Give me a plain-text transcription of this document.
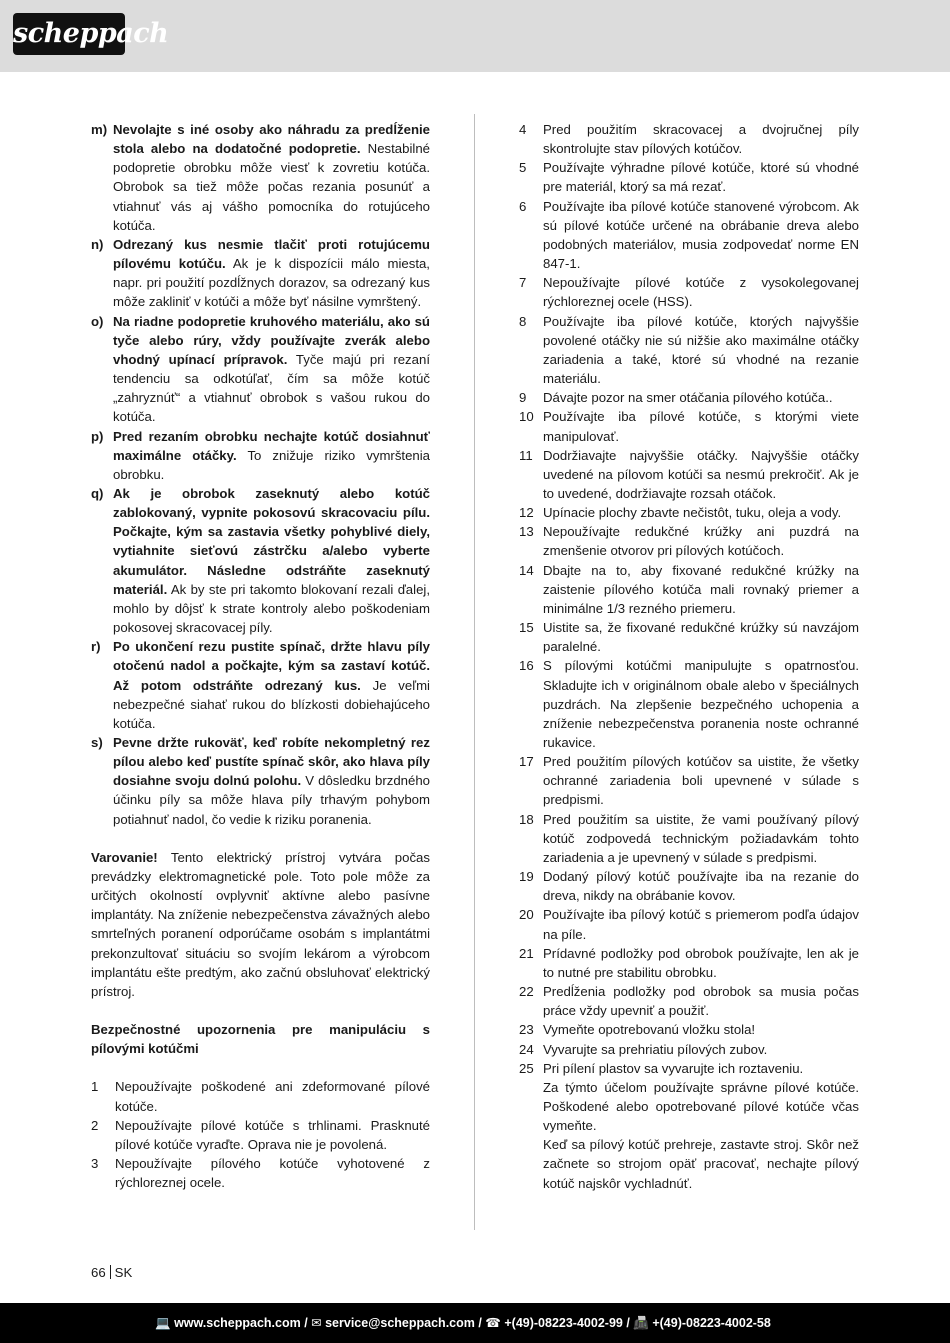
scheppach
m) Nevolajte s iné osoby ako náhradu za predĺženie stola alebo na dodatočné podopretie. Nestabilné podopretie obrobku môže viesť k zovretiu kotúča. Obrobok sa tiež môže počas rezania posunúť a vtiahnuť vás aj vášho pomocníka do rotujúceho kotúča.
n) Odrezaný kus nesmie tlačiť proti rotujúcemu pílovému kotúču. Ak je k dispozícii málo miesta, napr. pri použití pozdĺžnych dorazov, sa odrezaný kus môže zakliniť v kotúči a môže byť násilne vymrštený.
o) Na riadne podopretie kruhového materiálu, ako sú tyče alebo rúry, vždy používajte zverák alebo vhodný upínací prípravok. Tyče majú pri rezaní tendenciu sa odkotúľať, čím sa môže kotúč „zahryznúť“ a vtiahnuť obrobok s vašou rukou do kotúča.
p) Pred rezaním obrobku nechajte kotúč dosiahnuť maximálne otáčky. To znižuje riziko vymrštenia obrobku.
q) Ak je obrobok zaseknutý alebo kotúč zablokovaný, vypnite pokosovú skracovaciu pílu. Počkajte, kým sa zastavia všetky pohyblivé diely, vytiahnite sieťovú zástrčku a/alebo vyberte akumulátor. Následne odstráňte zaseknutý materiál. Ak by ste pri takomto blokovaní rezali ďalej, mohlo by dôjsť k strate kontroly alebo poškodeniam pokosovej skracovacej píly.
r) Po ukončení rezu pustite spínač, držte hlavu píly otočenú nadol a počkajte, kým sa zastaví kotúč. Až potom odstráňte odrezaný kus. Je veľmi nebezpečné siahať rukou do blízkosti dobiehajúceho kotúča.
s) Pevne držte rukoväť, keď robíte nekompletný rez pílou alebo keď pustíte spínač skôr, ako hlava píly dosiahne svoju dolnú polohu. V dôsledku brzdného účinku píly sa môže hlava píly trhavým pohybom potiahnuť nadol, čo vedie k riziku poranenia.
Varovanie! Tento elektrický prístroj vytvára počas prevádzky elektromagnetické pole. Toto pole môže za určitých okolností ovplyvniť aktívne alebo pasívne implantáty. Na zníženie nebezpečenstva závažných alebo smrteľných poranení odporúčame osobám s implantátmi prekonzultovať situáciu so svojím lekárom a výrobcom implantátu ešte predtým, ako začnú obsluhovať elektrický prístroj.
Bezpečnostné upozornenia pre manipuláciu s pílovými kotúčmi
1	Nepoužívajte poškodené ani zdeformované pílové kotúče.
2	Nepoužívajte pílové kotúče s trhlinami. Prasknuté pílové kotúče vyraďte. Oprava nie je povolená.
3	Nepoužívajte pílového kotúče vyhotovené z rýchloreznej ocele.
4	Pred použitím skracovacej a dvojručnej píly skontrolujte stav pílových kotúčov.
5	Používajte výhradne pílové kotúče, ktoré sú vhodné pre materiál, ktorý sa má rezať.
6	Používajte iba pílové kotúče stanovené výrobcom. Ak sú pílové kotúče určené na obrábanie dreva alebo podobných materiálov, musia zodpovedať norme EN 847-1.
7	Nepoužívajte pílové kotúče z vysokolegovanej rýchloreznej ocele (HSS).
8	Používajte iba pílové kotúče, ktorých najvyššie povolené otáčky nie sú nižšie ako maximálne otáčky zariadenia a také, ktoré sú vhodné na rezanie materiálu.
9	Dávajte pozor na smer otáčania pílového kotúča..
10 Používajte iba pílové kotúče, s ktorými viete manipulovať.
11 Dodržiavajte najvyššie otáčky. Najvyššie otáčky uvedené na pílovom kotúči sa nesmú prekročiť. Ak je to uvedené, dodržiavajte rozsah otáčok.
12 Upínacie plochy zbavte nečistôt, tuku, oleja a vody.
13 Nepoužívajte redukčné krúžky ani puzdrá na zmenšenie otvorov pri pílových kotúčoch.
14 Dbajte na to, aby fixované redukčné krúžky na zaistenie pílového kotúča mali rovnaký priemer a minimálne 1/3 rezného priemeru.
15 Uistite sa, že fixované redukčné krúžky sú navzájom paralelné.
16 S pílovými kotúčmi manipulujte s opatrnosťou. Skladujte ich v originálnom obale alebo v špeciálnych puzdrách. Na zlepšenie bezpečného uchopenia a zníženie nebezpečenstva poranenia noste ochranné rukavice.
17 Pred použitím pílových kotúčov sa uistite, že všetky ochranné zariadenia boli upevnené v súlade s predpismi.
18 Pred použitím sa uistite, že vami používaný pílový kotúč zodpovedá technickým požiadavkám tohto zariadenia a je upevnený v súlade s predpismi.
19 Dodaný pílový kotúč používajte iba na rezanie do dreva, nikdy na obrábanie kovov.
20 Používajte iba pílový kotúč s priemerom podľa údajov na píle.
21 Prídavné podložky pod obrobok používajte, len ak je to nutné pre stabilitu obrobku.
22 Predĺženia podložky pod obrobok sa musia počas práce vždy upevniť a použiť.
23 Vymeňte opotrebovanú vložku stola!
24 Vyvarujte sa prehriatiu pílových zubov.
25 Pri pílení plastov sa vyvarujte ich roztaveniu.
Za týmto účelom používajte správne pílové kotúče. Poškodené alebo opotrebované pílové kotúče včas vymeňte.
Keď sa pílový kotúč prehreje, zastavte stroj. Skôr než začnete so strojom opäť pracovať, nechajte pílový kotúč najskôr vychladnúť.
66 SK
💻 www.scheppach.com / ✉ service@scheppach.com / ☎ +(49)-08223-4002-99 / 📠 +(49)-08223-4002-58
